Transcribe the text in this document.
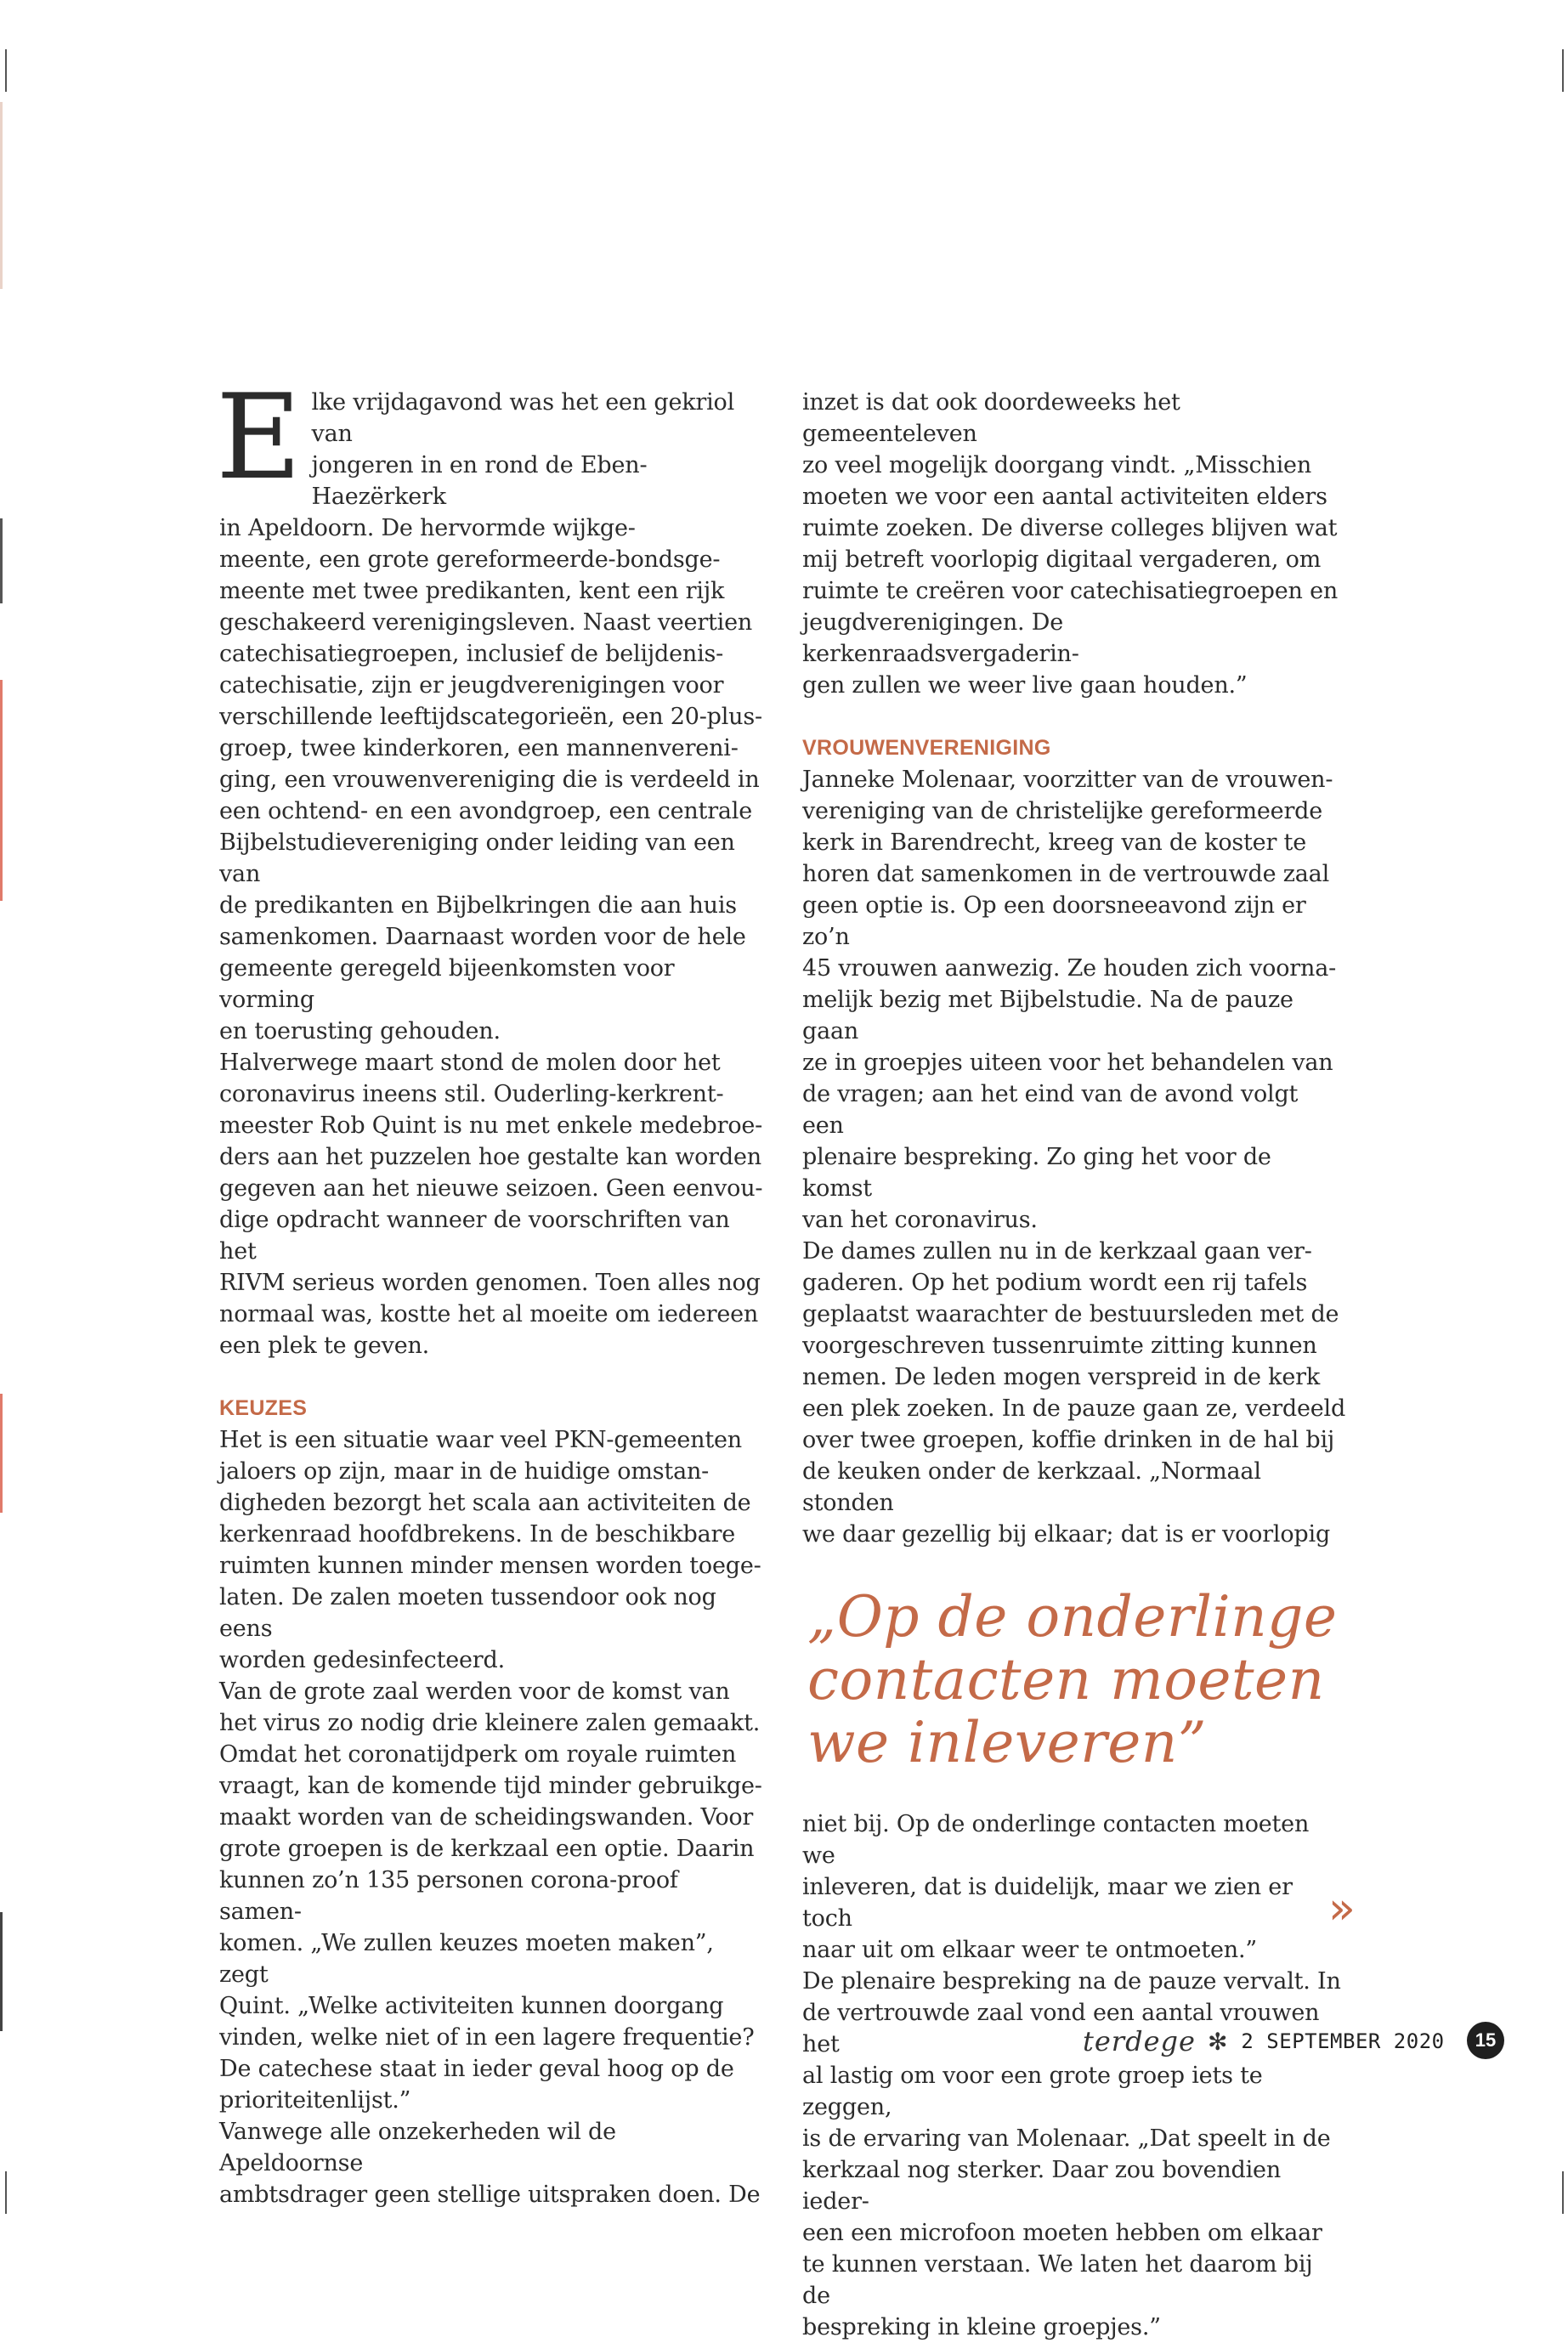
Elke vrijdagavond was het een gekriol van
jongeren in en rond de Eben-Haezërkerk
in Apeldoorn. De hervormde wijkge-
meente, een grote gereformeerde-bondsge-
meente met twee predikanten, kent een rijk
geschakeerd verenigingsleven. Naast veertien
catechisatiegroepen, inclusief de belijdenis-
catechisatie, zijn er jeugdverenigingen voor
verschillende leeftijdscategorieën, een 20-plus-
groep, twee kinderkoren, een mannenvereni-
ging, een vrouwenvereniging die is verdeeld in
een ochtend- en een avondgroep, een centrale
Bijbelstudievereniging onder leiding van een van
de predikanten en Bijbelkringen die aan huis
samenkomen. Daarnaast worden voor de hele
gemeente geregeld bijeenkomsten voor vorming
en toerusting gehouden.

Halverwege maart stond de molen door het
coronavirus ineens stil. Ouderling-kerkrent-
meester Rob Quint is nu met enkele medebroe-
ders aan het puzzelen hoe gestalte kan worden
gegeven aan het nieuwe seizoen. Geen eenvou-
dige opdracht wanneer de voorschriften van het
RIVM serieus worden genomen. Toen alles nog
normaal was, kostte het al moeite om iedereen
een plek te geven.

KEUZES

Het is een situatie waar veel PKN-gemeenten
jaloers op zijn, maar in de huidige omstan-
digheden bezorgt het scala aan activiteiten de
kerkenraad hoofdbrekens. In de beschikbare
ruimten kunnen minder mensen worden toege-
laten. De zalen moeten tussendoor ook nog eens
worden gedesinfecteerd.

Van de grote zaal werden voor de komst van
het virus zo nodig drie kleinere zalen gemaakt.
Omdat het coronatijdperk om royale ruimten
vraagt, kan de komende tijd minder gebruikge-
maakt worden van de scheidingswanden. Voor
grote groepen is de kerkzaal een optie. Daarin
kunnen zo’n 135 personen corona-proof samen-
komen. „We zullen keuzes moeten maken”, zegt
Quint. „Welke activiteiten kunnen doorgang
vinden, welke niet of in een lagere frequentie?
De catechese staat in ieder geval hoog op de
prioriteitenlijst.”

Vanwege alle onzekerheden wil de Apeldoornse
ambtsdrager geen stellige uitspraken doen. De

inzet is dat ook doordeweeks het gemeenteleven
zo veel mogelijk doorgang vindt. „Misschien
moeten we voor een aantal activiteiten elders
ruimte zoeken. De diverse colleges blijven wat
mij betreft voorlopig digitaal vergaderen, om
ruimte te creëren voor catechisatiegroepen en
jeugdverenigingen. De kerkenraadsvergaderin-
gen zullen we weer live gaan houden.”

VROUWENVERENIGING

Janneke Molenaar, voorzitter van de vrouwen-
vereniging van de christelijke gereformeerde
kerk in Barendrecht, kreeg van de koster te
horen dat samenkomen in de vertrouwde zaal
geen optie is. Op een doorsneeavond zijn er zo’n
45 vrouwen aanwezig. Ze houden zich voorna-
melijk bezig met Bijbelstudie. Na de pauze gaan
ze in groepjes uiteen voor het behandelen van
de vragen; aan het eind van de avond volgt een
plenaire bespreking. Zo ging het voor de komst
van het coronavirus.

De dames zullen nu in de kerkzaal gaan ver-
gaderen. Op het podium wordt een rij tafels
geplaatst waarachter de bestuursleden met de
voorgeschreven tussenruimte zitting kunnen
nemen. De leden mogen verspreid in de kerk
een plek zoeken. In de pauze gaan ze, verdeeld
over twee groepen, koffie drinken in de hal bij
de keuken onder de kerkzaal. „Normaal stonden
we daar gezellig bij elkaar; dat is er voorlopig

„Op de onderlinge
contacten moeten
we inleveren”

niet bij. Op de onderlinge contacten moeten we
inleveren, dat is duidelijk, maar we zien er toch
naar uit om elkaar weer te ontmoeten.”

De plenaire bespreking na de pauze vervalt. In
de vertrouwde zaal vond een aantal vrouwen het
al lastig om voor een grote groep iets te zeggen,
is de ervaring van Molenaar. „Dat speelt in de
kerkzaal nog sterker. Daar zou bovendien ieder-
een een microfoon moeten hebben om elkaar
te kunnen verstaan. We laten het daarom bij de
bespreking in kleine groepjes.”

»
terdege ✻ 2 SEPTEMBER 2020	15
